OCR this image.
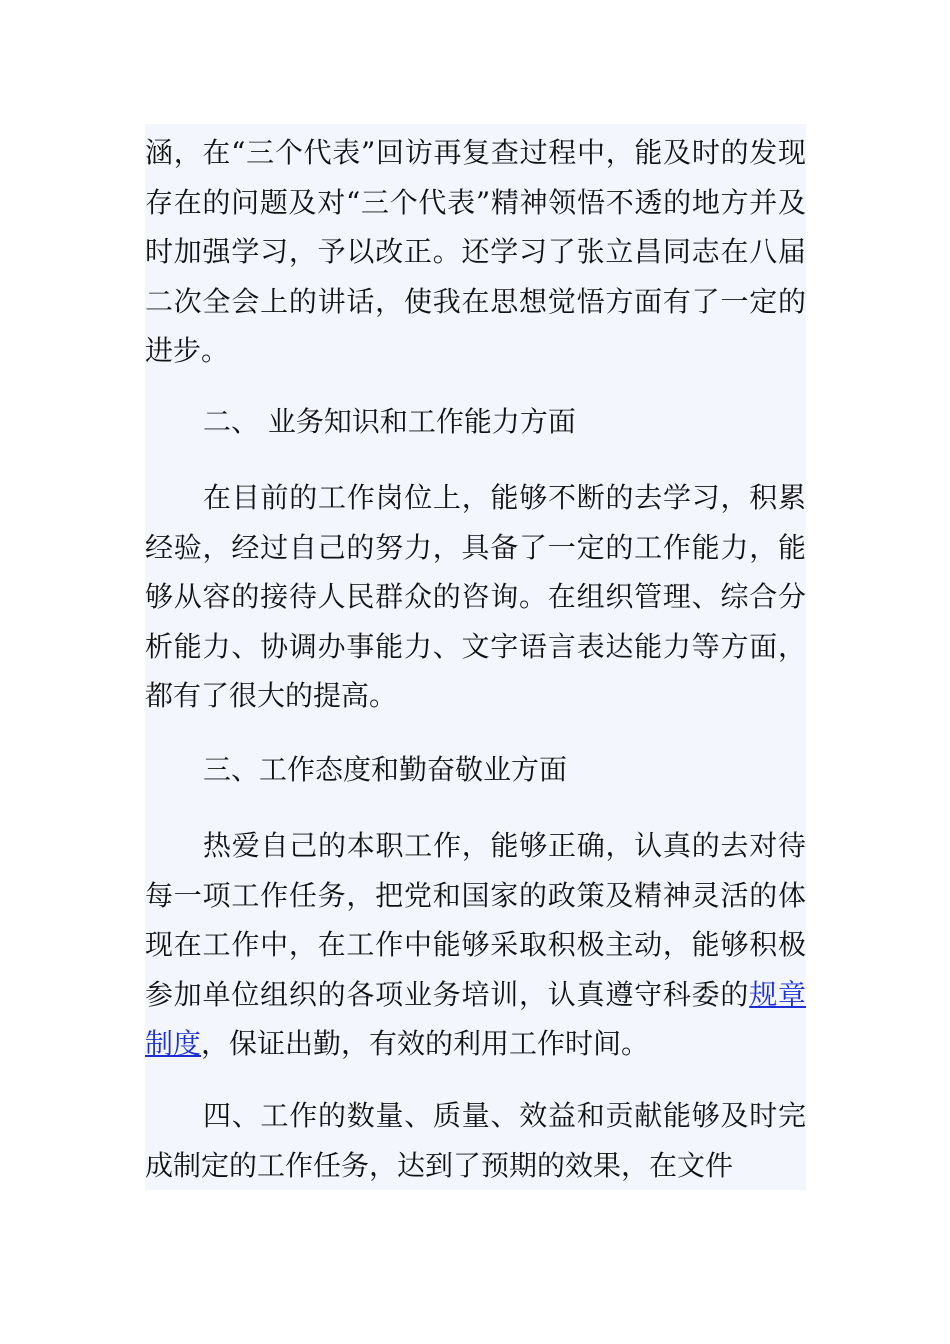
涵，在“三个代表”回访再复查过程中，能及时的发现存在的问题及对“三个代表”精神领悟不透的地方并及时加强学习，予以改正。还学习了张立昌同志在八届二次全会上的讲话，使我在思想觉悟方面有了一定的进步。

二、 业务知识和工作能力方面

在目前的工作岗位上，能够不断的去学习，积累经验，经过自己的努力，具备了一定的工作能力，能够从容的接待人民群众的咨询。在组织管理、综合分析能力、协调办事能力、文字语言表达能力等方面，都有了很大的提高。

三、工作态度和勤奋敬业方面

热爱自己的本职工作，能够正确，认真的去对待每一项工作任务，把党和国家的政策及精神灵活的体现在工作中，在工作中能够采取积极主动，能够积极参加单位组织的各项业务培训，认真遵守科委的规章制度，保证出勤，有效的利用工作时间。

四、工作的数量、质量、效益和贡献能够及时完成制定的工作任务，达到了预期的效果，在文件
